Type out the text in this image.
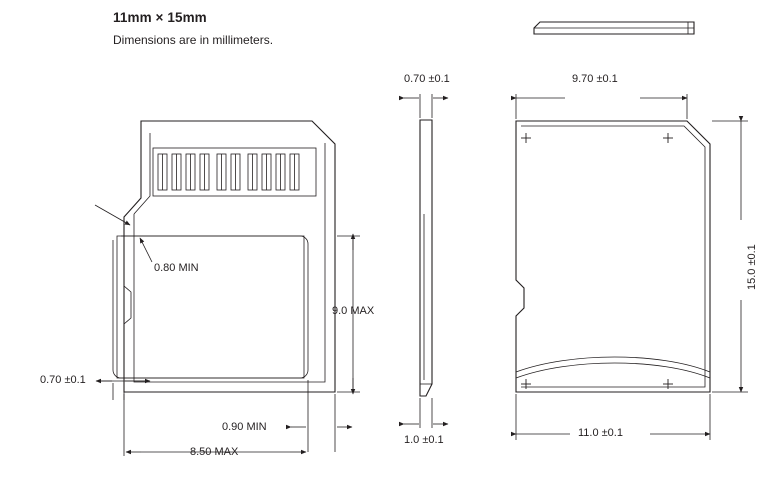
11mm × 15mm
Dimensions are in millimeters.
0.80 MIN
0.70 ±0.1
9.0 MAX
0.90 MIN
8.50 MAX
0.70 ±0.1
1.0 ±0.1
9.70 ±0.1
11.0 ±0.1
15.0 ±0.1
